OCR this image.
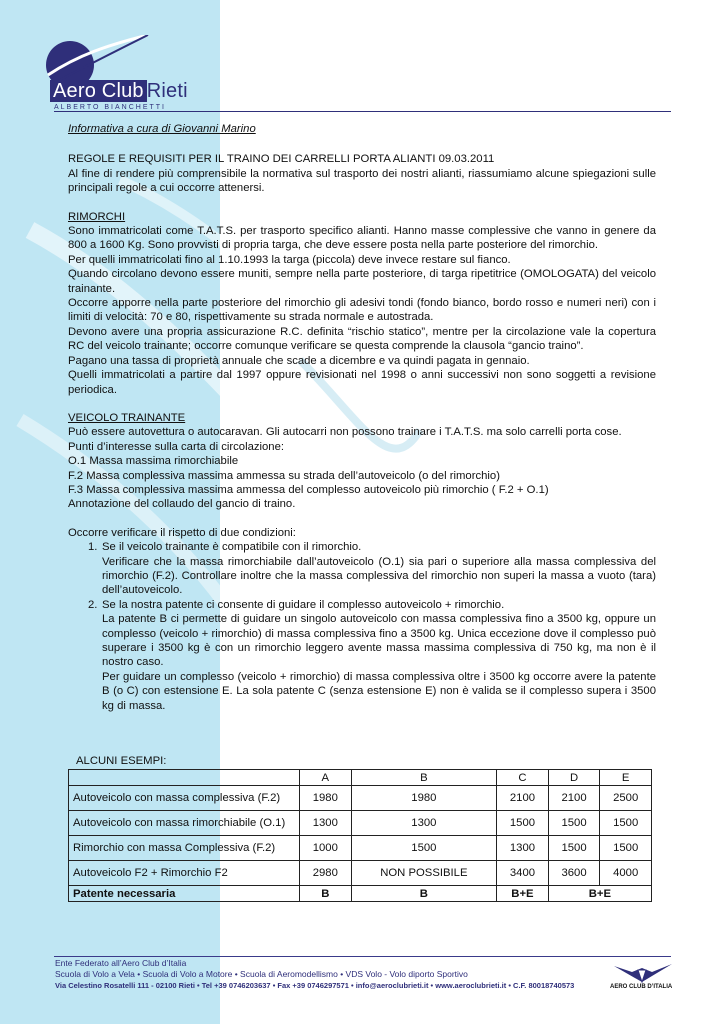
Aero Club Rieti
ALBERTO BIANCHETTI

Informativa a cura di Giovanni Marino

REGOLE E REQUISITI PER IL TRAINO DEI CARRELLI PORTA ALIANTI 09.03.2011

Al fine di rendere più comprensibile la normativa sul trasporto dei nostri alianti, riassumiamo alcune spiegazioni sulle principali regole a cui occorre attenersi.

RIMORCHI

Sono immatricolati come T.A.T.S. per trasporto specifico alianti. Hanno masse complessive che vanno in genere da 800 a 1600 Kg. Sono provvisti di propria targa, che deve essere posta nella parte posteriore del rimorchio.

Per quelli immatricolati fino al 1.10.1993 la targa (piccola) deve invece restare sul fianco.

Quando circolano devono essere muniti, sempre nella parte posteriore, di targa ripetitrice (OMOLOGATA) del veicolo trainante.

Occorre apporre nella parte posteriore del rimorchio gli adesivi tondi (fondo bianco, bordo rosso e numeri neri) con i limiti di velocità: 70 e 80, rispettivamente su strada normale e autostrada.

Devono avere una propria assicurazione R.C. definita “rischio statico”, mentre per la circolazione vale la copertura RC del veicolo trainante; occorre comunque verificare se questa comprende la clausola “gancio traino”.

Pagano una tassa di proprietà annuale che scade a dicembre e va quindi pagata in gennaio.

Quelli immatricolati a partire dal 1997 oppure revisionati nel 1998 o anni successivi non sono soggetti a revisione periodica.

VEICOLO TRAINANTE

Può essere autovettura o autocaravan. Gli autocarri non possono trainare i T.A.T.S. ma solo carrelli porta cose.

Punti d’interesse sulla carta di circolazione:

O.1 Massa massima rimorchiabile

F.2 Massa complessiva massima ammessa su strada dell’autoveicolo (o del rimorchio)

F.3 Massa complessiva massima ammessa del complesso autoveicolo più rimorchio ( F.2 + O.1)

Annotazione del collaudo del gancio di traino.

Occorre verificare il rispetto di due condizioni:

1. Se il veicolo trainante è compatibile con il rimorchio.

Verificare che la massa rimorchiabile dall’autoveicolo (O.1) sia pari o superiore alla massa complessiva del rimorchio (F.2). Controllare inoltre che la massa complessiva del rimorchio non superi la massa a vuoto (tara) dell’autoveicolo.

2. Se la nostra patente ci consente di guidare il complesso autoveicolo + rimorchio.

La patente B ci permette di guidare un singolo autoveicolo con massa complessiva fino a 3500 kg, oppure un complesso (veicolo + rimorchio) di massa complessiva fino a 3500 kg. Unica eccezione dove il complesso può superare i 3500 kg è con un rimorchio leggero avente massa massima complessiva di 750 kg, ma non è il nostro caso.

Per guidare un complesso (veicolo + rimorchio) di massa complessiva oltre i 3500 kg occorre avere la patente B (o C) con estensione E. La sola patente C (senza estensione E) non è valida se il complesso supera i 3500 kg di massa.

ALCUNI ESEMPI:
	A	B	C	D	E
Autoveicolo con massa complessiva (F.2)	1980	1980	2100	2100	2500
Autoveicolo con massa rimorchiabile (O.1)	1300	1300	1500	1500	1500
Rimorchio con massa Complessiva (F.2)	1000	1500	1300	1500	1500
Autoveicolo F2 + Rimorchio F2	2980	NON POSSIBILE	3400	3600	4000
Patente necessaria	B	B	B+E	B+E	
Ente Federato all’Aero Club d’Italia
Scuola di Volo a Vela • Scuola di Volo a Motore • Scuola di Aeromodellismo • VDS Volo - Volo diporto Sportivo
Via Celestino Rosatelli 111 - 02100 Rieti • Tel +39 0746203637 • Fax +39 0746297571 • info@aeroclubrieti.it • www.aeroclubrieti.it • C.F. 80018740573	AERO CLUB D’ITALIA
